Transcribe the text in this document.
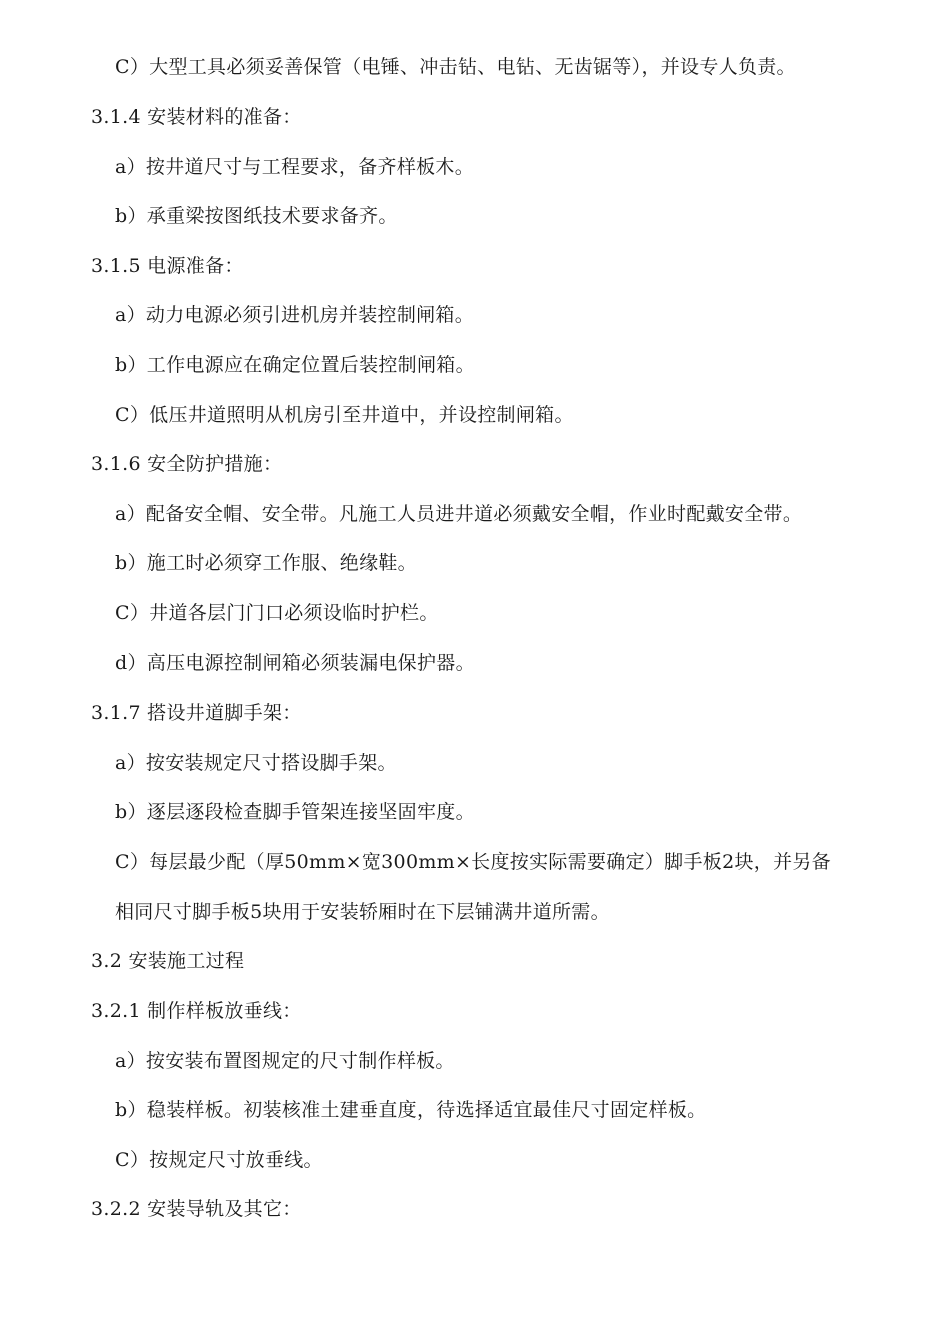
C）大型工具必须妥善保管（电锤、冲击钻、电钻、无齿锯等），并设专人负责。
3.1.4 安装材料的准备：
a）按井道尺寸与工程要求，备齐样板木。
b）承重梁按图纸技术要求备齐。
3.1.5 电源准备：
a）动力电源必须引进机房并装控制闸箱。
b）工作电源应在确定位置后装控制闸箱。
C）低压井道照明从机房引至井道中，并设控制闸箱。
3.1.6 安全防护措施：
a）配备安全帽、安全带。凡施工人员进井道必须戴安全帽，作业时配戴安全带。
b）施工时必须穿工作服、绝缘鞋。
C）井道各层门门口必须设临时护栏。
d）高压电源控制闸箱必须装漏电保护器。
3.1.7 搭设井道脚手架：
a）按安装规定尺寸搭设脚手架。
b）逐层逐段检查脚手管架连接坚固牢度。
C）每层最少配（厚50mm×宽300mm×长度按实际需要确定）脚手板2块，并另备
相同尺寸脚手板5块用于安装轿厢时在下层铺满井道所需。
3.2 安装施工过程
3.2.1 制作样板放垂线：
a）按安装布置图规定的尺寸制作样板。
b）稳装样板。初装核准土建垂直度，待选择适宜最佳尺寸固定样板。
C）按规定尺寸放垂线。
3.2.2 安装导轨及其它：
